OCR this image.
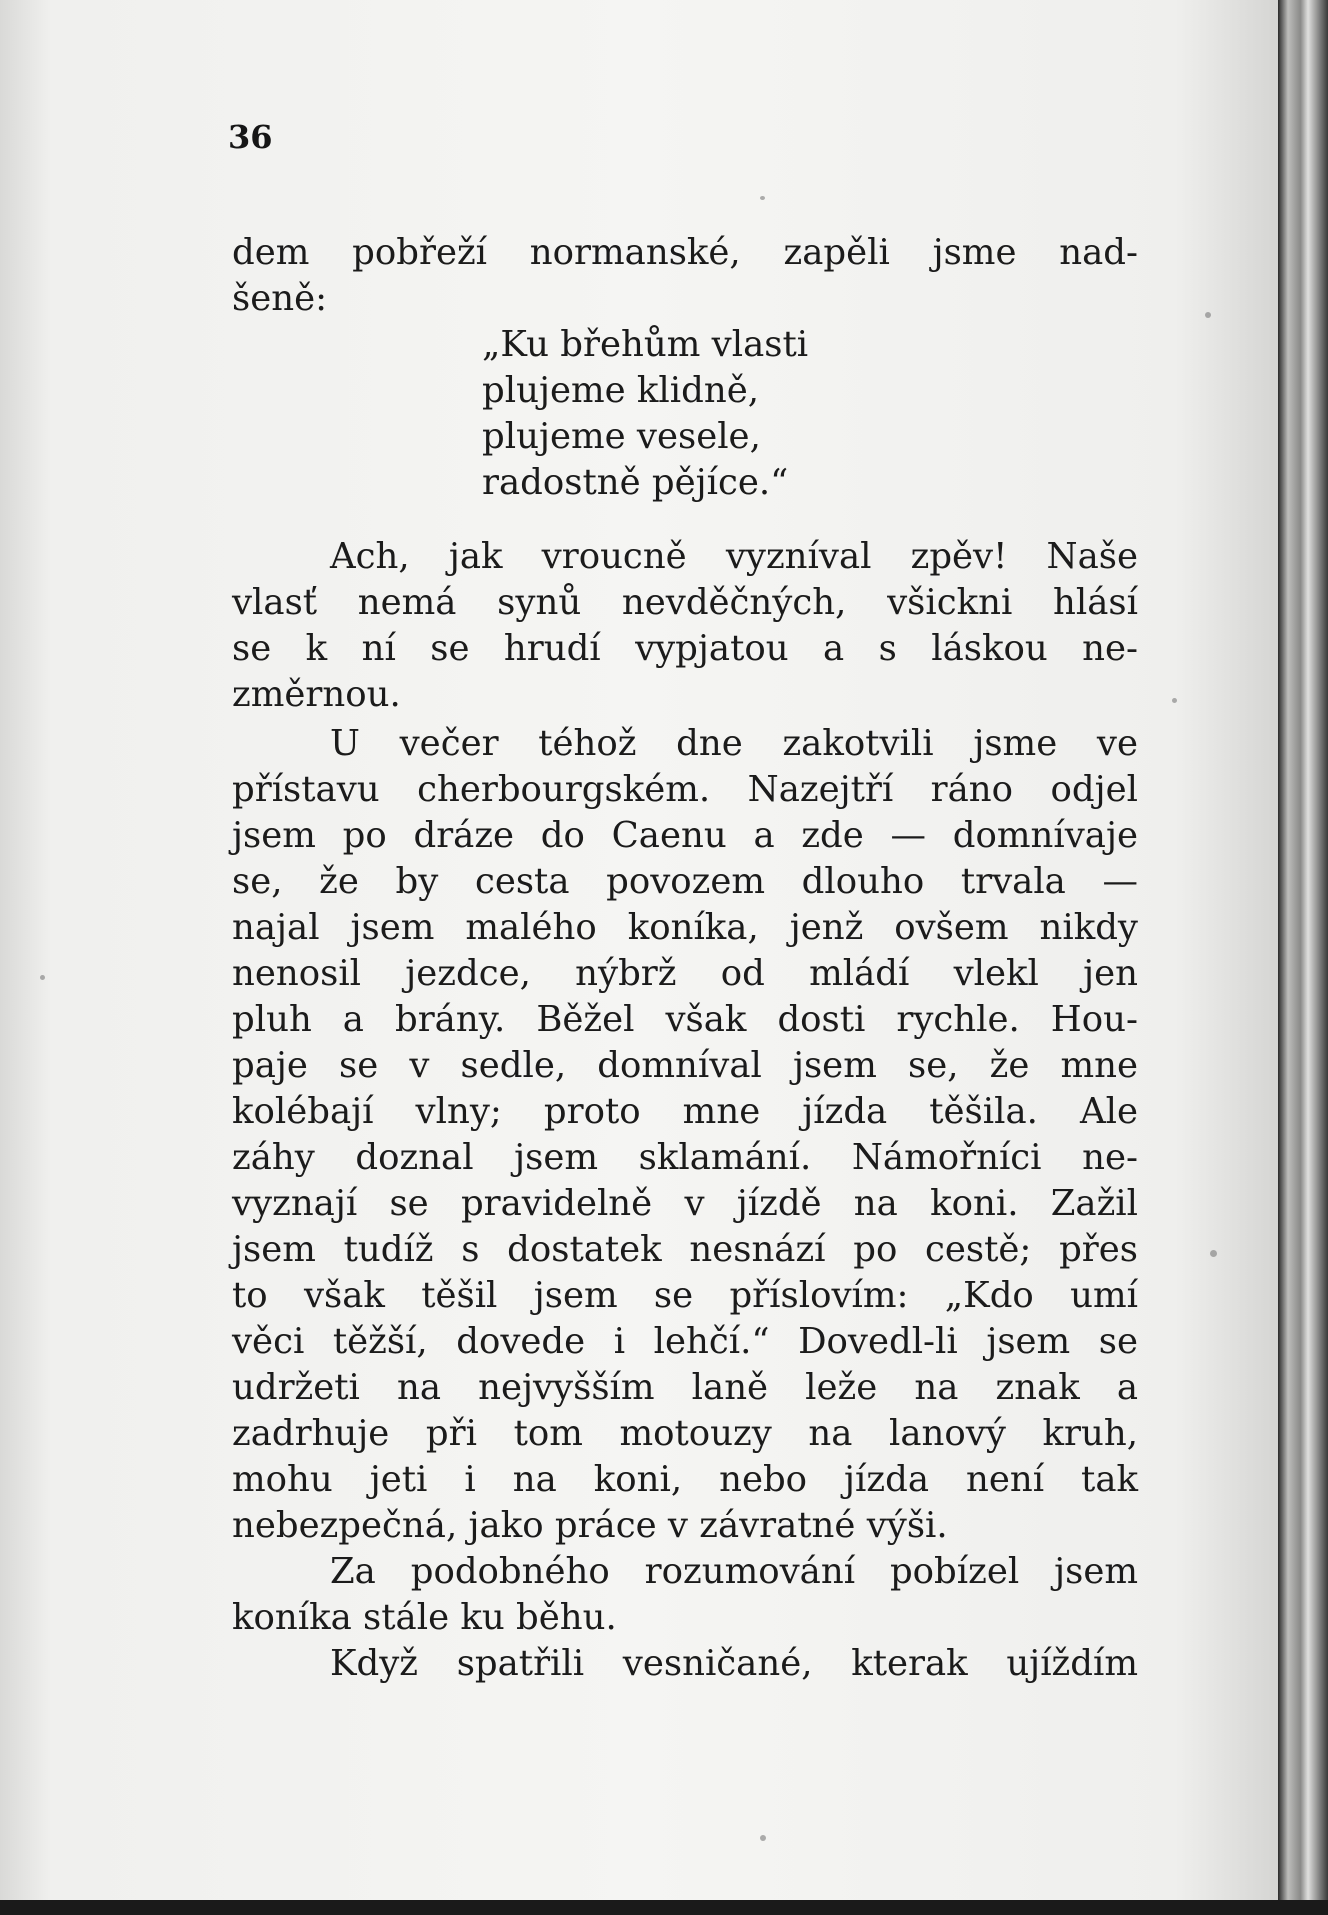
36
dem pobřeží normanské, zapěli jsme nad-
šeně:
„Ku břehům vlasti
plujeme klidně,
plujeme vesele,
radostně pějíce.“
Ach, jak vroucně vyzníval zpěv! Naše
vlasť nemá synů nevděčných, všickni hlásí
se k ní se hrudí vypjatou a s láskou ne-
změrnou.
U večer téhož dne zakotvili jsme ve
přístavu cherbourgském. Nazejtří ráno odjel
jsem po dráze do Caenu a zde — domnívaje
se, že by cesta povozem dlouho trvala —
najal jsem malého koníka, jenž ovšem nikdy
nenosil jezdce, nýbrž od mládí vlekl jen
pluh a brány. Běžel však dosti rychle. Hou-
paje se v sedle, domníval jsem se, že mne
kolébají vlny; proto mne jízda těšila. Ale
záhy doznal jsem sklamání. Námořníci ne-
vyznají se pravidelně v jízdě na koni. Zažil
jsem tudíž s dostatek nesnází po cestě; přes
to však těšil jsem se příslovím: „Kdo umí
věci těžší, dovede i lehčí.“ Dovedl-li jsem se
udržeti na nejvyšším laně leže na znak a
zadrhuje při tom motouzy na lanový kruh,
mohu jeti i na koni, nebo jízda není tak
nebezpečná, jako práce v závratné výši.
Za podobného rozumování pobízel jsem
koníka stále ku běhu.
Když spatřili vesničané, kterak ujíždím
